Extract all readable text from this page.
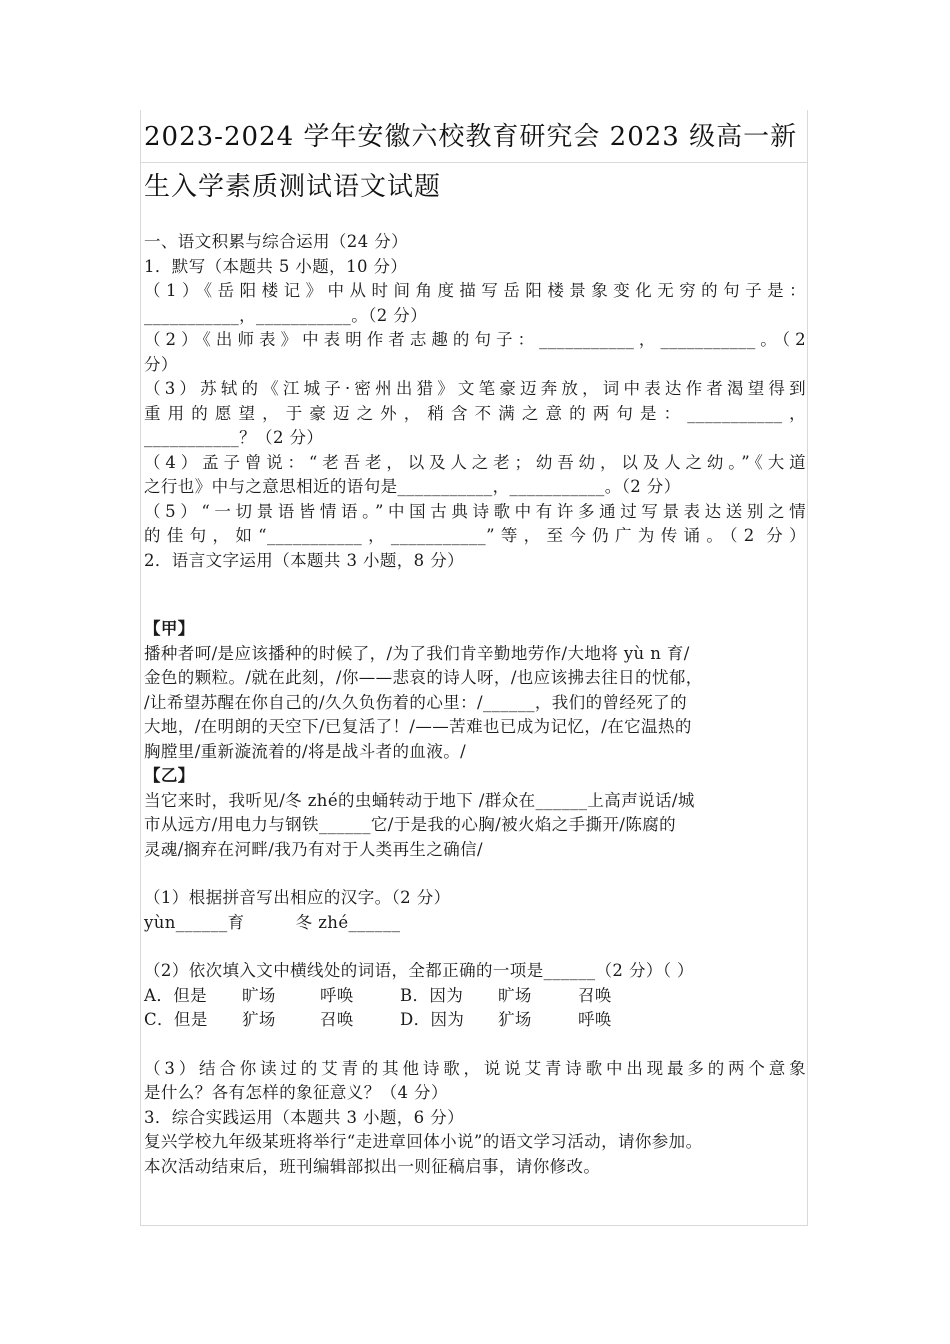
2023-2024 学年安徽六校教育研究会 2023 级高一新
生入学素质测试语文试题
一、语文积累与综合运用（24 分）
1．默写（本题共 5 小题，10 分）
（1）《岳阳楼记》中从时间角度描写岳阳楼景象变化无穷的句子是：
___________，___________。（2 分）
（2）《出师表》中表明作者志趣的句子：___________，___________。（2
分）
（3）苏轼的《江城子·密州出猎》文笔豪迈奔放，词中表达作者渴望得到
重用的愿望，于豪迈之外，稍含不满之意的两句是：___________，
___________？（2 分）
（4）孟子曾说：“老吾老，以及人之老；幼吾幼，以及人之幼。”《大道
之行也》中与之意思相近的语句是___________，___________。（2 分）
（5）“一切景语皆情语。”中国古典诗歌中有许多通过写景表达送别之情
的佳句，如“___________，___________”等，至今仍广为传诵。（2 分）
2．语言文字运用（本题共 3 小题，8 分）
【甲】
播种者呵/是应该播种的时候了，/为了我们肯辛勤地劳作/大地将 yù n 育/
金色的颗粒。/就在此刻，/你——悲哀的诗人呀，/也应该拂去往日的忧郁，
/让希望苏醒在你自己的/久久负伤着的心里：/______，我们的曾经死了的
大地，/在明朗的天空下/已复活了！/——苦难也已成为记忆，/在它温热的
胸膛里/重新漩流着的/将是战斗者的血液。/
【乙】
当它来时，我听见/冬 zhé的虫蛹转动于地下 /群众在______上高声说话/城
市从远方/用电力与钢铁______它/于是我的心胸/被火焰之手撕开/陈腐的
灵魂/搁弃在河畔/我乃有对于人类再生之确信/
（1）根据拼音写出相应的汉字。（2 分）
yùn______育	冬 zhé______
（2）依次填入文中横线处的词语，全都正确的一项是______（2 分）（ ）
A．但是	旷场	呼唤	B．因为	旷场	召唤
C．但是	犷场	召唤	D．因为	犷场	呼唤
（3）结合你读过的艾青的其他诗歌，说说艾青诗歌中出现最多的两个意象
是什么？各有怎样的象征意义？（4 分）
3．综合实践运用（本题共 3 小题，6 分）
复兴学校九年级某班将举行“走进章回体小说”的语文学习活动，请你参加。
本次活动结束后，班刊编辑部拟出一则征稿启事，请你修改。
